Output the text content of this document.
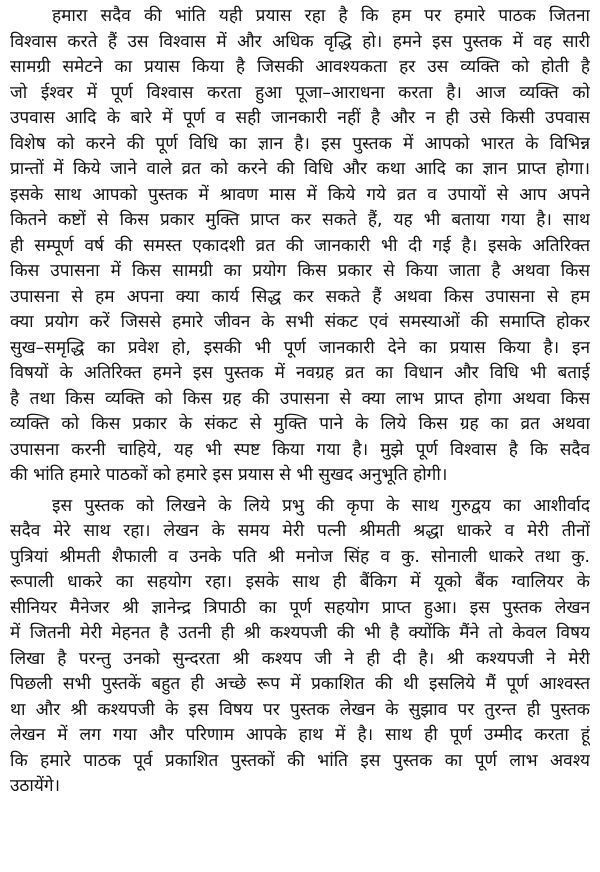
हमारा सदैव की भांति यही प्रयास रहा है कि हम पर हमारे पाठक जितना
विश्वास करते हैं उस विश्वास में और अधिक वृद्धि हो। हमने इस पुस्तक में वह सारी
सामग्री समेटने का प्रयास किया है जिसकी आवश्यकता हर उस व्यक्ति को होती है
जो ईश्वर में पूर्ण विश्वास करता हुआ पूजा–आराधना करता है। आज व्यक्ति को
उपवास आदि के बारे में पूर्ण व सही जानकारी नहीं है और न ही उसे किसी उपवास
विशेष को करने की पूर्ण विधि का ज्ञान है। इस पुस्तक में आपको भारत के विभिन्न
प्रान्तों में किये जाने वाले व्रत को करने की विधि और कथा आदि का ज्ञान प्राप्त होगा।
इसके साथ आपको पुस्तक में श्रावण मास में किये गये व्रत व उपायों से आप अपने
कितने कष्टों से किस प्रकार मुक्ति प्राप्त कर सकते हैं, यह भी बताया गया है। साथ
ही सम्पूर्ण वर्ष की समस्त एकादशी व्रत की जानकारी भी दी गई है। इसके अतिरिक्त
किस उपासना में किस सामग्री का प्रयोग किस प्रकार से किया जाता है अथवा किस
उपासना से हम अपना क्या कार्य सिद्ध कर सकते हैं अथवा किस उपासना से हम
क्या प्रयोग करें जिससे हमारे जीवन के सभी संकट एवं समस्याओं की समाप्ति होकर
सुख–समृद्धि का प्रवेश हो, इसकी भी पूर्ण जानकारी देने का प्रयास किया है। इन
विषयों के अतिरिक्त हमने इस पुस्तक में नवग्रह व्रत का विधान और विधि भी बताई
है तथा किस व्यक्ति को किस ग्रह की उपासना से क्या लाभ प्राप्त होगा अथवा किस
व्यक्ति को किस प्रकार के संकट से मुक्ति पाने के लिये किस ग्रह का व्रत अथवा
उपासना करनी चाहिये, यह भी स्पष्ट किया गया है। मुझे पूर्ण विश्वास है कि सदैव
की भांति हमारे पाठकों को हमारे इस प्रयास से भी सुखद अनुभूति होगी।

इस पुस्तक को लिखने के लिये प्रभु की कृपा के साथ गुरुद्वय का आशीर्वाद
सदैव मेरे साथ रहा। लेखन के समय मेरी पत्नी श्रीमती श्रद्धा धाकरे व मेरी तीनों
पुत्रियां श्रीमती शैफाली व उनके पति श्री मनोज सिंह व कु. सोनाली धाकरे तथा कु.
रूपाली धाकरे का सहयोग रहा। इसके साथ ही बैंकिग में यूको बैंक ग्वालियर के
सीनियर मैनेजर श्री ज्ञानेन्द्र त्रिपाठी का पूर्ण सहयोग प्राप्त हुआ। इस पुस्तक लेखन
में जितनी मेरी मेहनत है उतनी ही श्री कश्यपजी की भी है क्योंकि मैंने तो केवल विषय
लिखा है परन्तु उनको सुन्दरता श्री कश्यप जी ने ही दी है। श्री कश्यपजी ने मेरी
पिछली सभी पुस्तकें बहुत ही अच्छे रूप में प्रकाशित की थी इसलिये मैं पूर्ण आश्वस्त
था और श्री कश्यपजी के इस विषय पर पुस्तक लेखन के सुझाव पर तुरन्त ही पुस्तक
लेखन में लग गया और परिणाम आपके हाथ में है। साथ ही पूर्ण उम्मीद करता हूं
कि हमारे पाठक पूर्व प्रकाशित पुस्तकों की भांति इस पुस्तक का पूर्ण लाभ अवश्य
उठायेंगे।
